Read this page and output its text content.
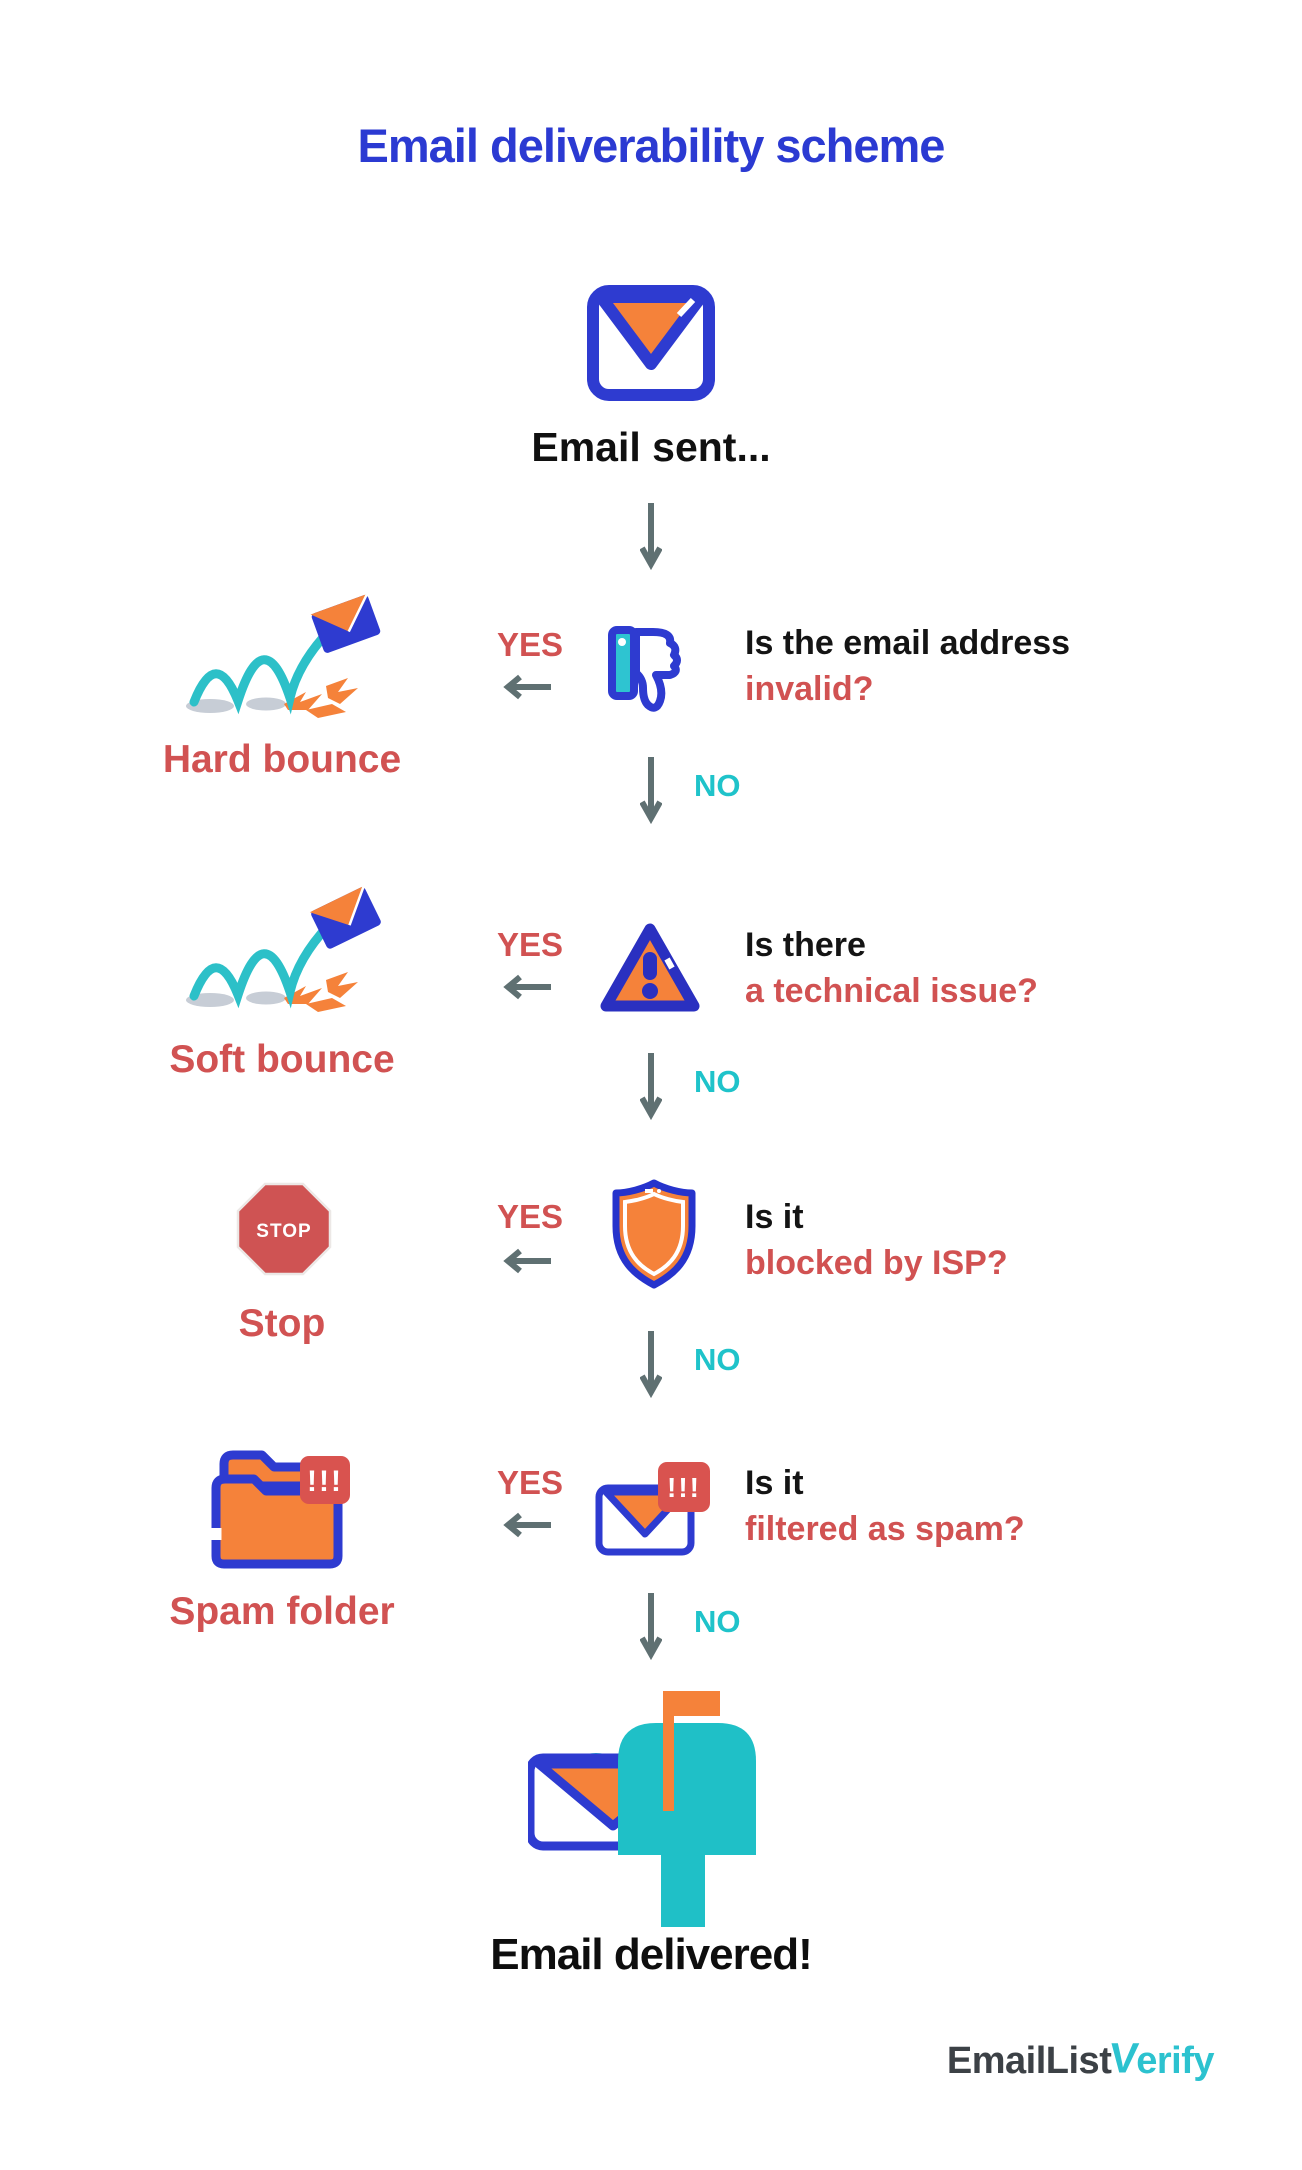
Email deliverability scheme
Email sent...
Hard bounce
YES	Is the email address
invalid?
NO
Soft bounce
YES	Is there
a technical issue?
NO
STOP
Stop
YES	Is it
blocked by ISP?
NO
!!!
Spam folder
YES	!!! Is it
filtered as spam?
NO
Email delivered!
EmailListVerify
